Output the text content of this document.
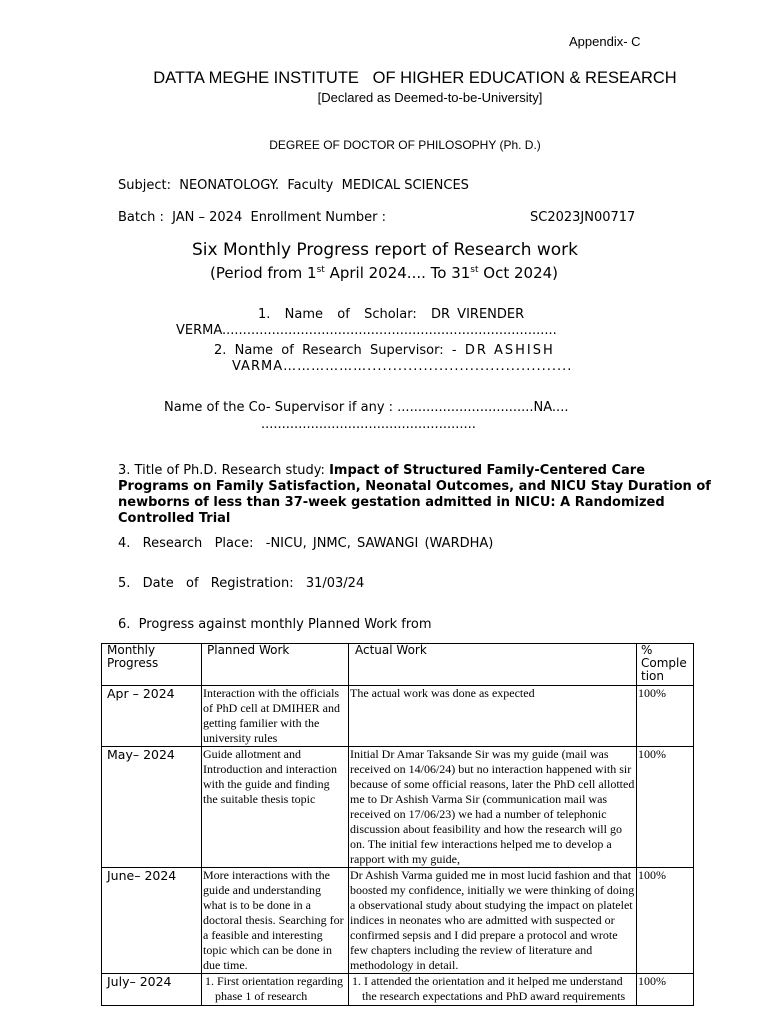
Appendix- C
DATTA MEGHE INSTITUTE   OF HIGHER EDUCATION & RESEARCH
[Declared as Deemed-to-be-University]
DEGREE OF DOCTOR OF PHILOSOPHY (Ph. D.)
Subject:  NEONATOLOGY.  Faculty  MEDICAL SCIENCES
Batch :  JAN – 2024  Enrollment Number :	SC2023JN00717
Six Monthly Progress report of Research work
(Period from 1st April 2024.... To 31st Oct 2024)
1.  Name  of  Scholar:  DR VIRENDER
VERMA.................................................................................
2.  Name  of  Research  Supervisor:  -  DR ASHISH
VARMA………………........................................
Name of the Co- Supervisor if any : .................................NA....
....................................................
3. Title of Ph.D. Research study: Impact of Structured Family-Centered Care Programs on Family Satisfaction, Neonatal Outcomes, and NICU Stay Duration of newborns of less than 37-week gestation admitted in NICU: A Randomized Controlled Trial
4.  Research  Place:  -NICU, JNMC, SAWANGI (WARDHA)
5.  Date  of  Registration:  31/03/24
6.  Progress against monthly Planned Work from
Monthly Progress	Planned Work	Actual Work	% Comple tion
Apr – 2024	Interaction with the officials of PhD cell at DMIHER and getting familier with the university rules	The actual work was done as expected	100%
May– 2024	Guide allotment and Introduction and interaction with the guide and finding the suitable thesis topic	Initial Dr Amar Taksande Sir was my guide (mail was received on 14/06/24) but no interaction happened with sir because of some official reasons, later the PhD cell allotted me to Dr Ashish Varma Sir (communication mail was received on 17/06/23) we had a number of telephonic discussion about feasibility and how the research will go on. The initial few interactions helped me to develop a rapport with my guide,	100%
June– 2024	More interactions with the guide and understanding what is to be done in a doctoral thesis. Searching for a feasible and interesting topic which can be done in due time.	Dr Ashish Varma guided me in most lucid fashion and that boosted my confidence, initially we were thinking of doing a observational study about studying the impact on platelet indices in neonates who are admitted with suspected or confirmed sepsis and I did prepare a protocol and wrote few chapters including the review of literature and methodology in detail.	100%
July– 2024	1. First orientation regarding phase 1 of research	1. I attended the orientation and it helped me understand the research expectations and PhD award requirements	100%
